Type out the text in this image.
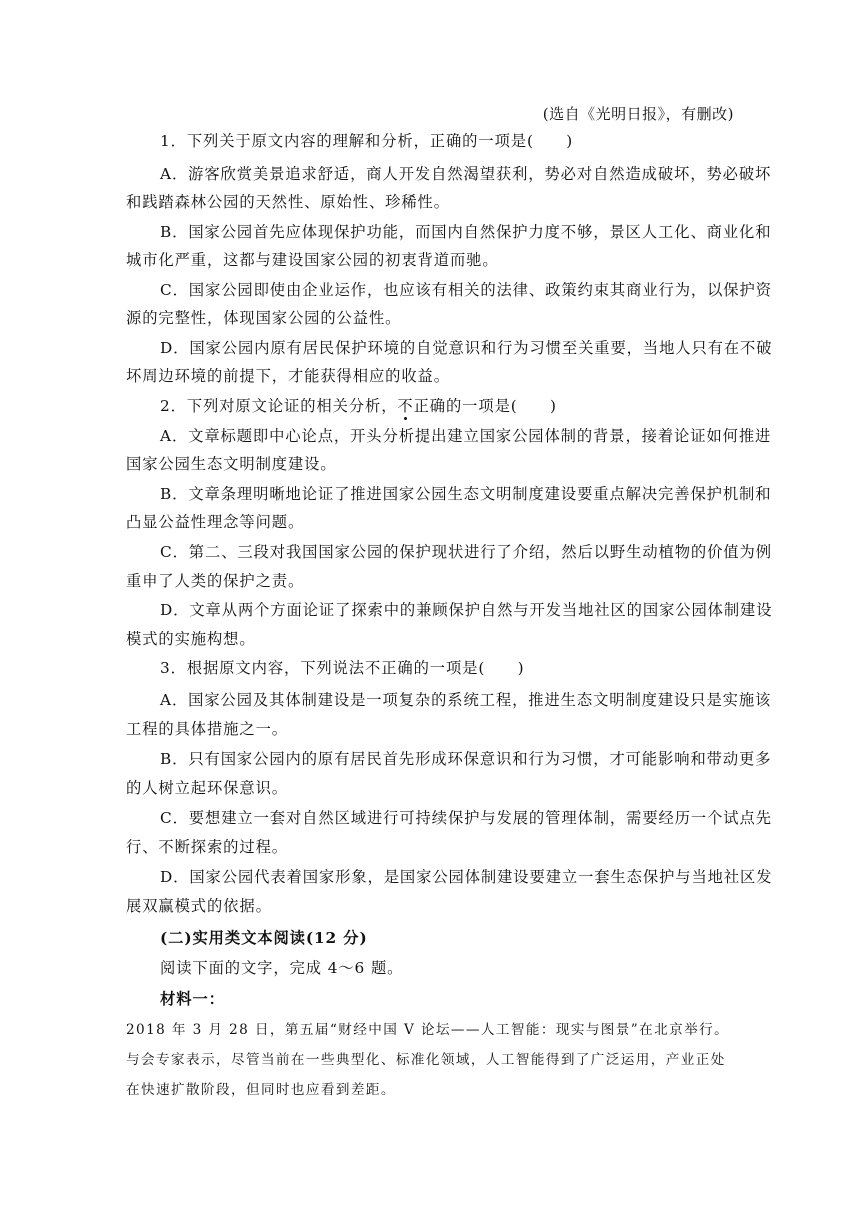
(选自《光明日报》，有删改)
1．下列关于原文内容的理解和分析，正确的一项是(　　)
A．游客欣赏美景追求舒适，商人开发自然渴望获利，势必对自然造成破坏，势必破坏
和践踏森林公园的天然性、原始性、珍稀性。
B．国家公园首先应体现保护功能，而国内自然保护力度不够，景区人工化、商业化和
城市化严重，这都与建设国家公园的初衷背道而驰。
C．国家公园即使由企业运作，也应该有相关的法律、政策约束其商业行为，以保护资
源的完整性，体现国家公园的公益性。
D．国家公园内原有居民保护环境的自觉意识和行为习惯至关重要，当地人只有在不破
坏周边环境的前提下，才能获得相应的收益。
2．下列对原文论证的相关分析，不正确的一项是(　　)
A．文章标题即中心论点，开头分析提出建立国家公园体制的背景，接着论证如何推进
国家公园生态文明制度建设。
B．文章条理明晰地论证了推进国家公园生态文明制度建设要重点解决完善保护机制和
凸显公益性理念等问题。
C．第二、三段对我国国家公园的保护现状进行了介绍，然后以野生动植物的价值为例
重申了人类的保护之责。
D．文章从两个方面论证了探索中的兼顾保护自然与开发当地社区的国家公园体制建设
模式的实施构想。
3．根据原文内容，下列说法不正确的一项是(　　)
A．国家公园及其体制建设是一项复杂的系统工程，推进生态文明制度建设只是实施该
工程的具体措施之一。
B．只有国家公园内的原有居民首先形成环保意识和行为习惯，才可能影响和带动更多
的人树立起环保意识。
C．要想建立一套对自然区域进行可持续保护与发展的管理体制，需要经历一个试点先
行、不断探索的过程。
D．国家公园代表着国家形象，是国家公园体制建设要建立一套生态保护与当地社区发
展双赢模式的依据。
(二)实用类文本阅读(12 分)
阅读下面的文字，完成 4～6 题。
材料一：
2018 年 3 月 28 日，第五届“财经中国 V 论坛——人工智能：现实与图景”在北京举行。
与会专家表示，尽管当前在一些典型化、标准化领域，人工智能得到了广泛运用，产业正处
在快速扩散阶段，但同时也应看到差距。
